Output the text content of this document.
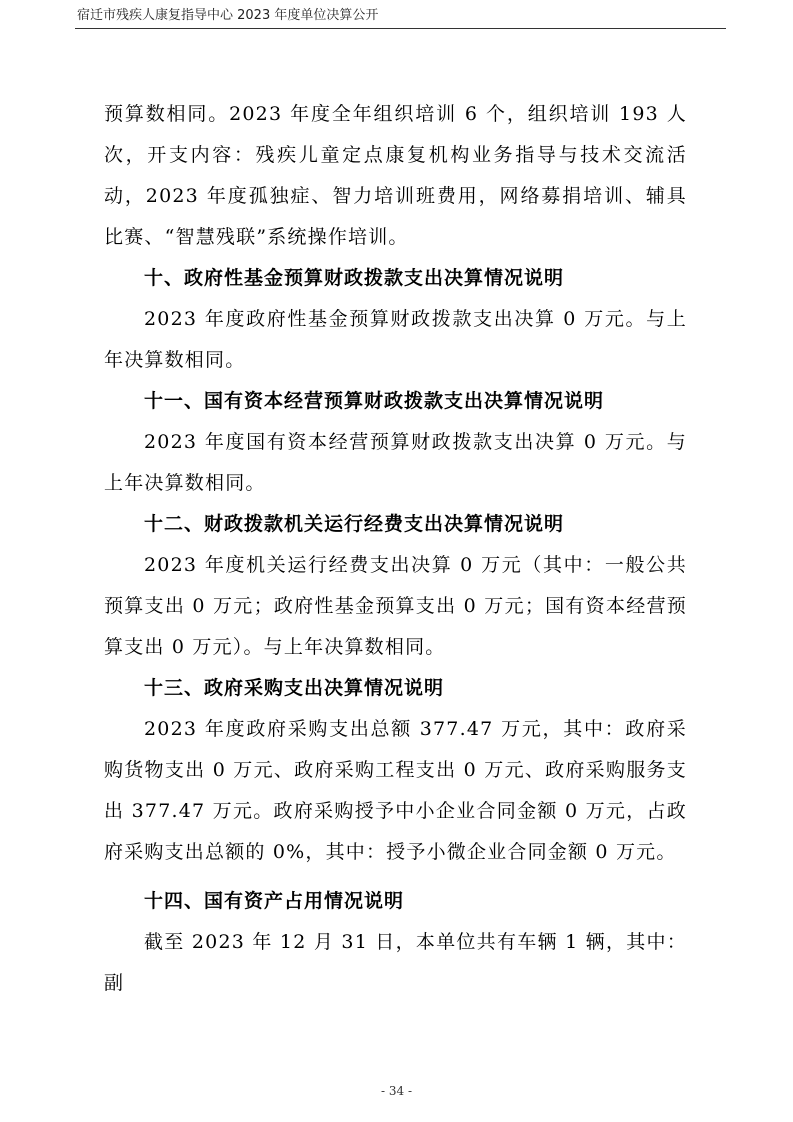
宿迁市残疾人康复指导中心 2023 年度单位决算公开

预算数相同。2023 年度全年组织培训 6 个，组织培训 193 人次，开支内容：残疾儿童定点康复机构业务指导与技术交流活动，2023 年度孤独症、智力培训班费用，网络募捐培训、辅具比赛、“智慧残联”系统操作培训。

十、政府性基金预算财政拨款支出决算情况说明

2023 年度政府性基金预算财政拨款支出决算 0 万元。与上年决算数相同。

十一、国有资本经营预算财政拨款支出决算情况说明

2023 年度国有资本经营预算财政拨款支出决算 0 万元。与上年决算数相同。

十二、财政拨款机关运行经费支出决算情况说明

2023 年度机关运行经费支出决算 0 万元（其中：一般公共预算支出 0 万元；政府性基金预算支出 0 万元；国有资本经营预算支出 0 万元）。与上年决算数相同。

十三、政府采购支出决算情况说明

2023 年度政府采购支出总额 377.47 万元，其中：政府采购货物支出 0 万元、政府采购工程支出 0 万元、政府采购服务支出 377.47 万元。政府采购授予中小企业合同金额 0 万元，占政府采购支出总额的 0%，其中：授予小微企业合同金额 0 万元。

十四、国有资产占用情况说明

截至 2023 年 12 月 31 日，本单位共有车辆 1 辆，其中：副

- 34 -
